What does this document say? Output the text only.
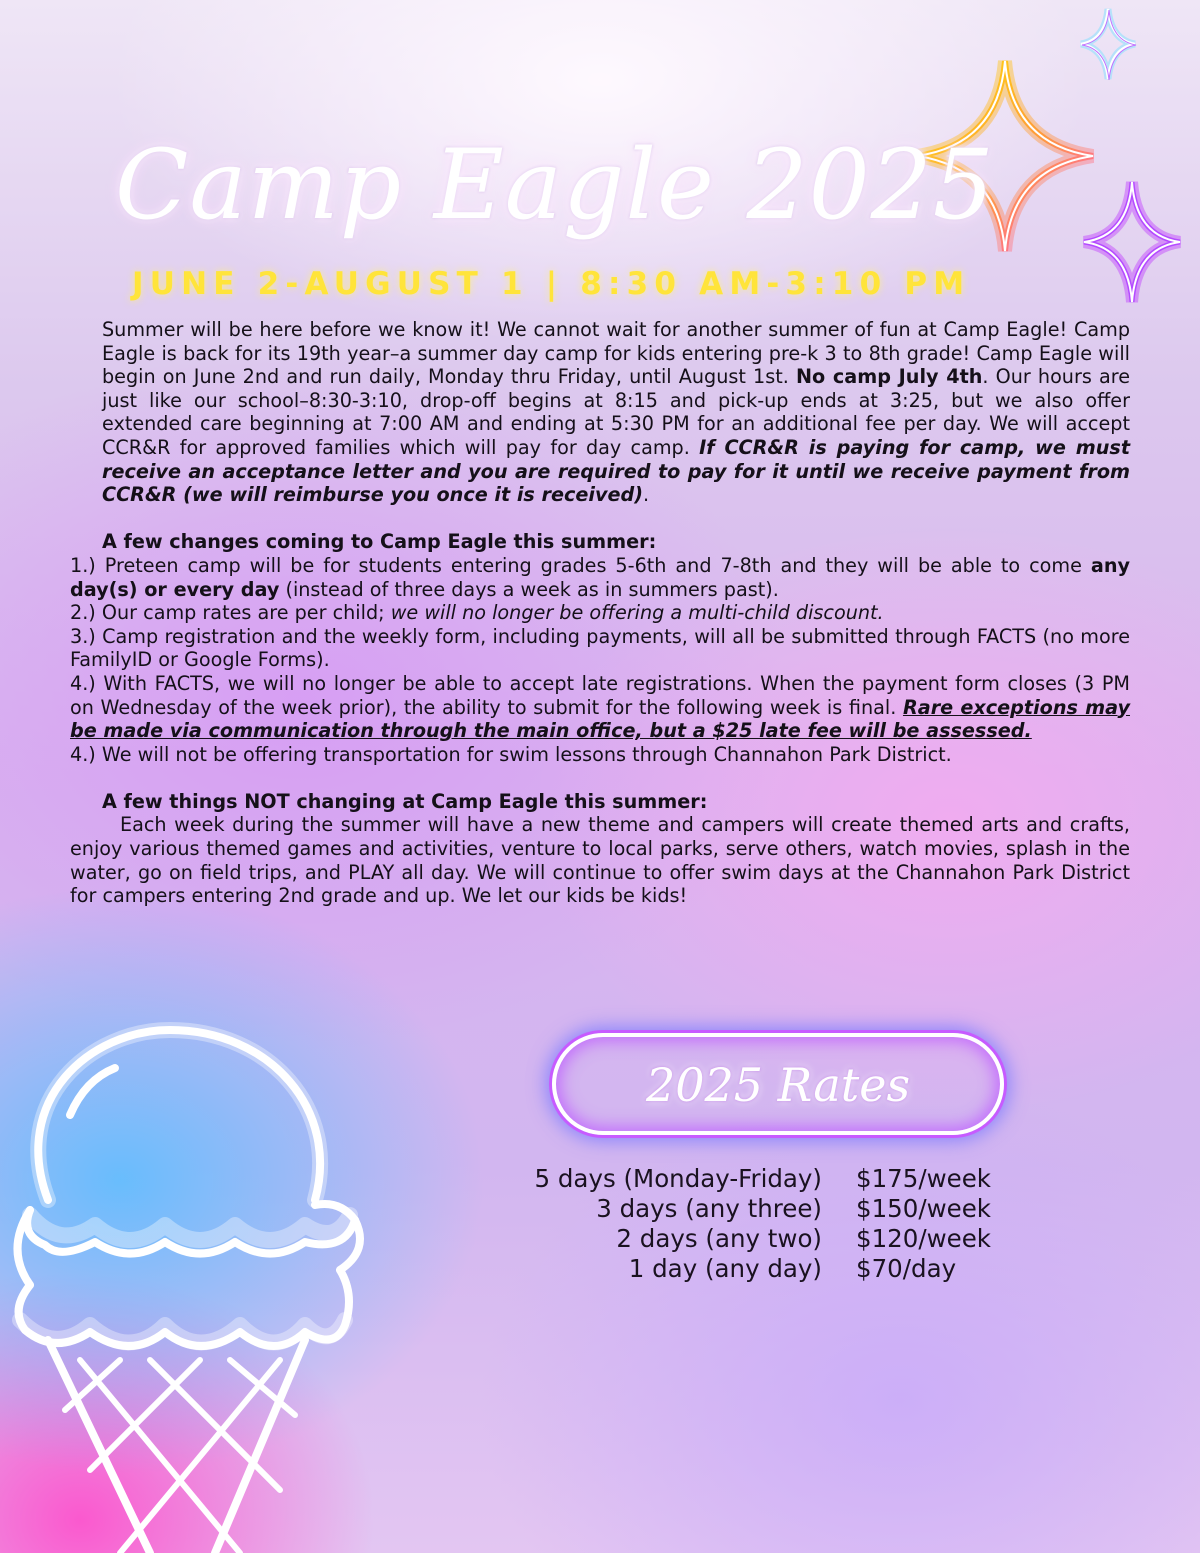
Camp Eagle 2025
JUNE 2-AUGUST 1 | 8:30 AM-3:10 PM

Summer will be here before we know it! We cannot wait for another summer of fun at Camp Eagle! Camp Eagle is back for its 19th year–a summer day camp for kids entering pre-k 3 to 8th grade! Camp Eagle will begin on June 2nd and run daily, Monday thru Friday, until August 1st. No camp July 4th. Our hours are just like our school–8:30-3:10, drop-off begins at 8:15 and pick-up ends at 3:25, but we also offer extended care beginning at 7:00 AM and ending at 5:30 PM for an additional fee per day. We will accept CCR&R for approved families which will pay for day camp. If CCR&R is paying for camp, we must receive an acceptance letter and you are required to pay for it until we receive payment from CCR&R (we will reimburse you once it is received).

A few changes coming to Camp Eagle this summer:

1.) Preteen camp will be for students entering grades 5-6th and 7-8th and they will be able to come any day(s) or every day (instead of three days a week as in summers past).

2.) Our camp rates are per child; we will no longer be offering a multi-child discount.

3.) Camp registration and the weekly form, including payments, will all be submitted through FACTS (no more FamilyID or Google Forms).

4.) With FACTS, we will no longer be able to accept late registrations. When the payment form closes (3 PM on Wednesday of the week prior), the ability to submit for the following week is final. Rare exceptions may be made via communication through the main office, but a $25 late fee will be assessed.

4.) We will not be offering transportation for swim lessons through Channahon Park District.

A few things NOT changing at Camp Eagle this summer:

Each week during the summer will have a new theme and campers will create themed arts and crafts, enjoy various themed games and activities, venture to local parks, serve others, watch movies, splash in the water, go on field trips, and PLAY all day. We will continue to offer swim days at the Channahon Park District for campers entering 2nd grade and up. We let our kids be kids!

2025 Rates
5 days (Monday-Friday)	$175/week
3 days (any three)	$150/week
2 days (any two)	$120/week
1 day (any day)	$70/day
